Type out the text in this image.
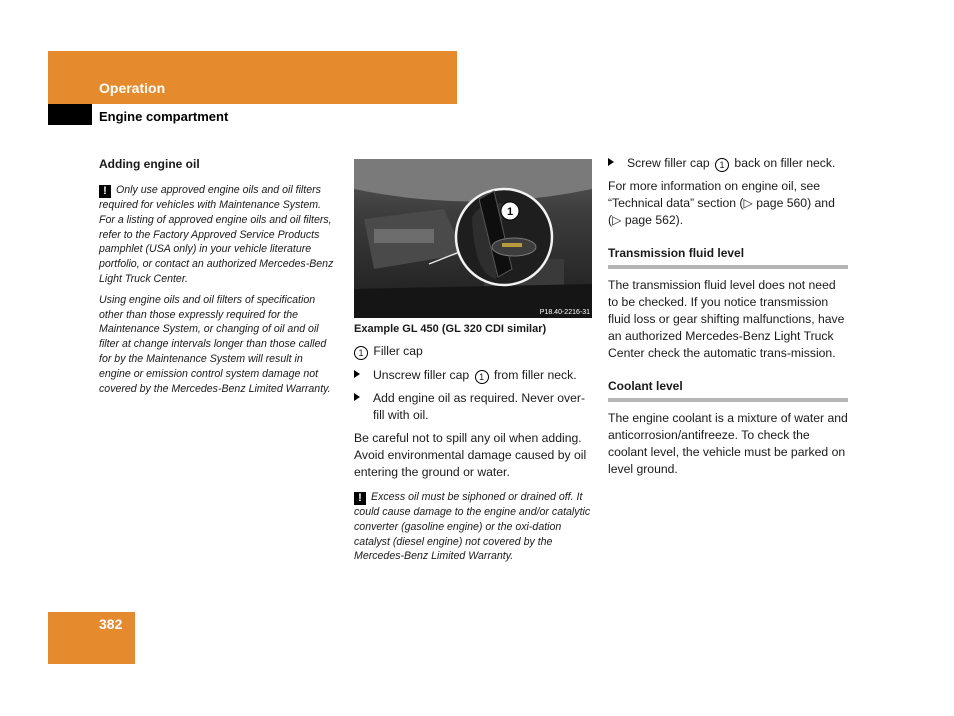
Operation
Engine compartment

Adding engine oil

! Only use approved engine oils and oil filters required for vehicles with Maintenance System. For a listing of approved engine oils and oil filters, refer to the Factory Approved Service Products pamphlet (USA only) in your vehicle literature portfolio, or contact an authorized Mercedes-Benz Light Truck Center.

Using engine oils and oil filters of specification other than those expressly required for the Maintenance System, or changing of oil and oil filter at change intervals longer than those called for by the Maintenance System will result in engine or emission control system damage not covered by the Mercedes-Benz Limited Warranty.

1
P18.40-2216-31
Example GL 450 (GL 320 CDI similar)

1 Filler cap

Unscrew filler cap 1 from filler neck.

Add engine oil as required. Never over-fill with oil.

Be careful not to spill any oil when adding. Avoid environmental damage caused by oil entering the ground or water.

! Excess oil must be siphoned or drained off. It could cause damage to the engine and/or catalytic converter (gasoline engine) or the oxi-dation catalyst (diesel engine) not covered by the Mercedes-Benz Limited Warranty.

Screw filler cap 1 back on filler neck.

For more information on engine oil, see “Technical data” section (▷ page 560) and (▷ page 562).

Transmission fluid level

The transmission fluid level does not need to be checked. If you notice transmission fluid loss or gear shifting malfunctions, have an authorized Mercedes-Benz Light Truck Center check the automatic trans-mission.

Coolant level

The engine coolant is a mixture of water and anticorrosion/antifreeze. To check the coolant level, the vehicle must be parked on level ground.

382
